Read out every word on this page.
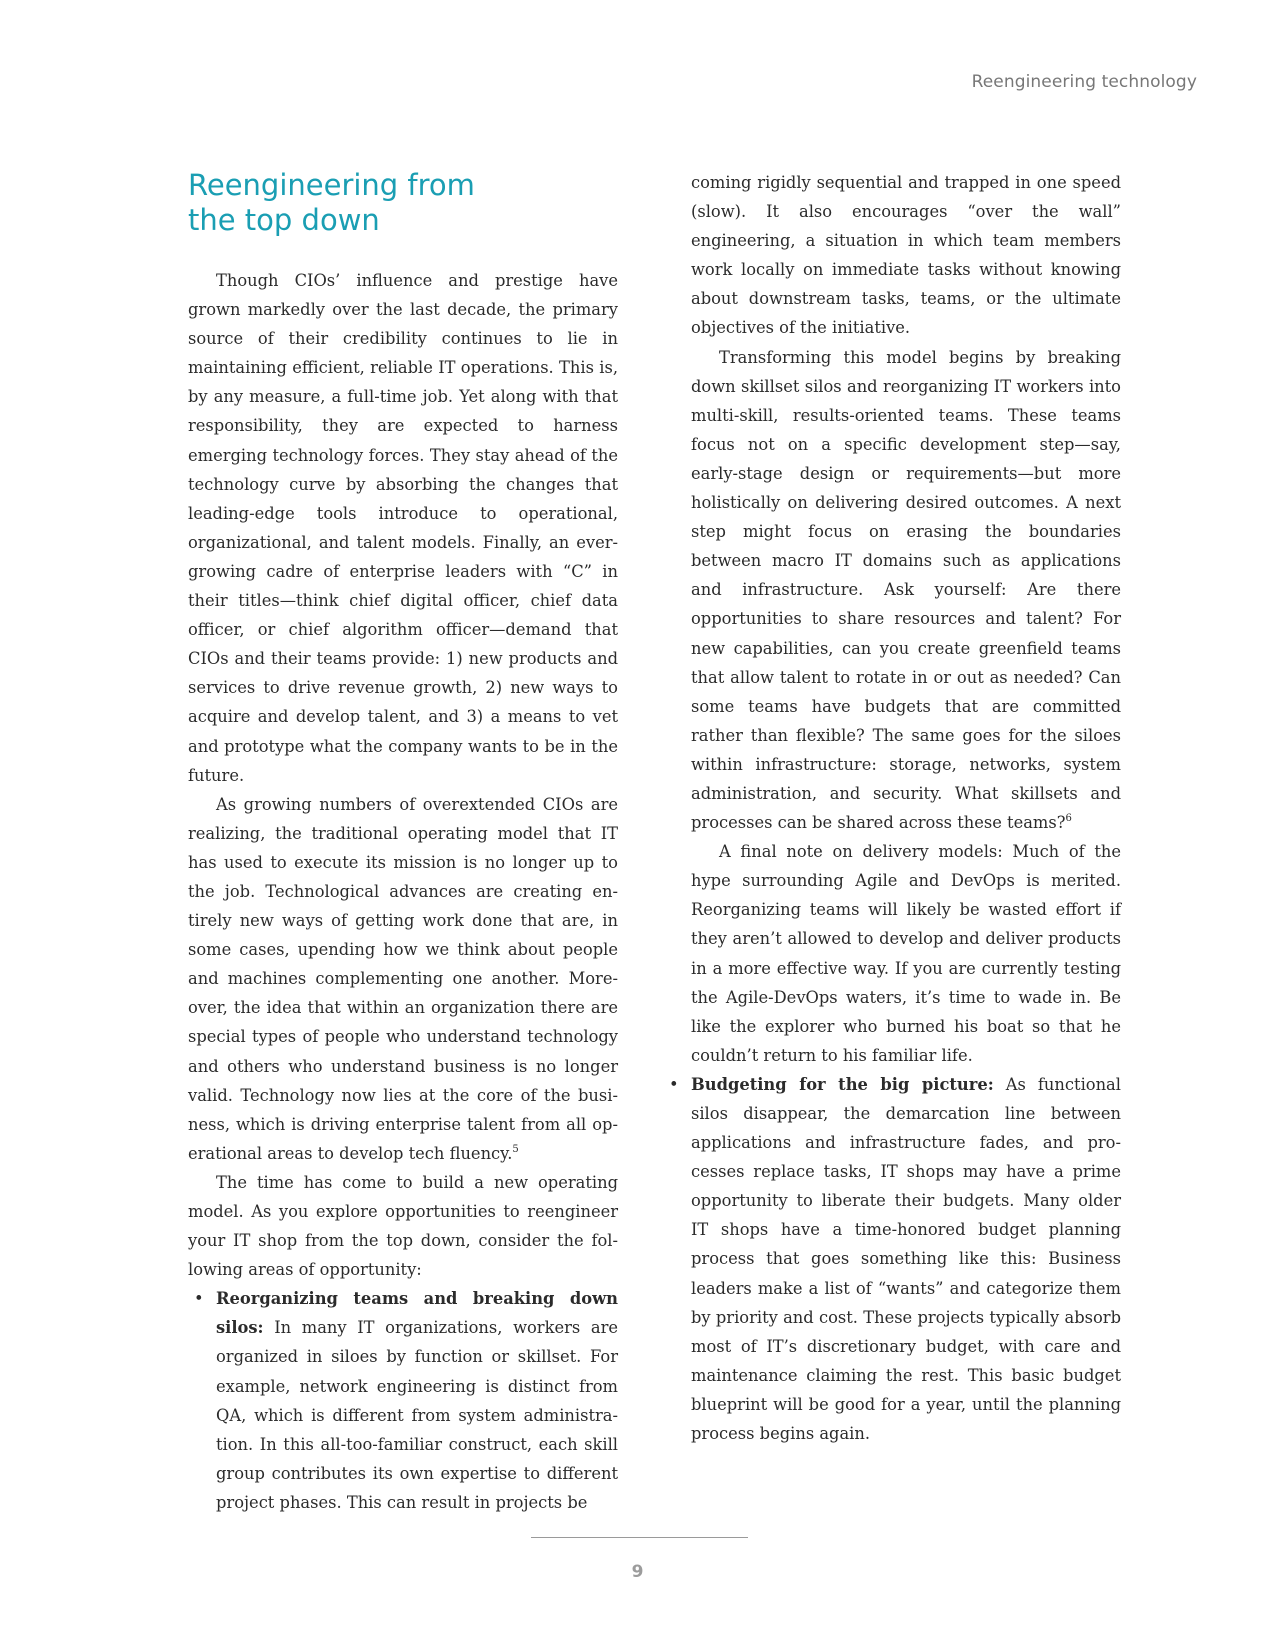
Reengineering technology
Reengineering from
the top down

Though CIOs’ influence and prestige have grown markedly over the last decade, the primary source of their credibility continues to lie in maintaining efficient, reliable IT operations. This is, by any measure, a full-time job. Yet along with that responsibility, they are expected to harness emerging technology forces. They stay ahead of the technology curve by absorbing the changes that leading-edge tools introduce to operational, organizational, and talent models. Finally, an ever-growing cadre of enterprise leaders with “C” in their titles—think chief digital officer, chief data officer, or chief algorithm officer—demand that CIOs and their teams provide: 1) new products and services to drive revenue growth, 2) new ways to acquire and develop talent, and 3) a means to vet and prototype what the company wants to be in the future.

As growing numbers of overextended CIOs are realizing, the traditional operating model that IT has used to execute its mission is no longer up to the job. Technological advances are creating entirely new ways of getting work done that are, in some cases, upending how we think about people and machines complementing one another. Moreover, the idea that within an organization there are special types of people who understand technology and others who understand business is no longer valid. Technology now lies at the core of the business, which is driving enterprise talent from all operational areas to develop tech fluency.$^5$

The time has come to build a new operating model. As you explore opportunities to reengineer your IT shop from the top down, consider the following areas of opportunity:

• Reorganizing teams and breaking down silos: In many IT organizations, workers are organized in siloes by function or skillset. For example, network engineering is distinct from QA, which is different from system administration. In this all-too-familiar construct, each skill group contributes its own expertise to different project phases. This can result in projects be

coming rigidly sequential and trapped in one speed (slow). It also encourages “over the wall” engineering, a situation in which team members work locally on immediate tasks without knowing about downstream tasks, teams, or the ultimate objectives of the initiative.

Transforming this model begins by breaking down skillset silos and reorganizing IT workers into multi-skill, results-oriented teams. These teams focus not on a specific development step—say, early-stage design or requirements—but more holistically on delivering desired outcomes. A next step might focus on erasing the boundaries between macro IT domains such as applications and infrastructure. Ask yourself: Are there opportunities to share resources and talent? For new capabilities, can you create greenfield teams that allow talent to rotate in or out as needed? Can some teams have budgets that are committed rather than flexible? The same goes for the siloes within infrastructure: storage, networks, system administration, and security. What skillsets and processes can be shared across these teams?$^6$

A final note on delivery models: Much of the hype surrounding Agile and DevOps is merited. Reorganizing teams will likely be wasted effort if they aren’t allowed to develop and deliver products in a more effective way. If you are currently testing the Agile-DevOps waters, it’s time to wade in. Be like the explorer who burned his boat so that he couldn’t return to his familiar life.

• Budgeting for the big picture: As functional silos disappear, the demarcation line between applications and infrastructure fades, and processes replace tasks, IT shops may have a prime opportunity to liberate their budgets. Many older IT shops have a time-honored budget planning process that goes something like this: Business leaders make a list of “wants” and categorize them by priority and cost. These projects typically absorb most of IT’s discretionary budget, with care and maintenance claiming the rest. This basic budget blueprint will be good for a year, until the planning process begins again.
9
